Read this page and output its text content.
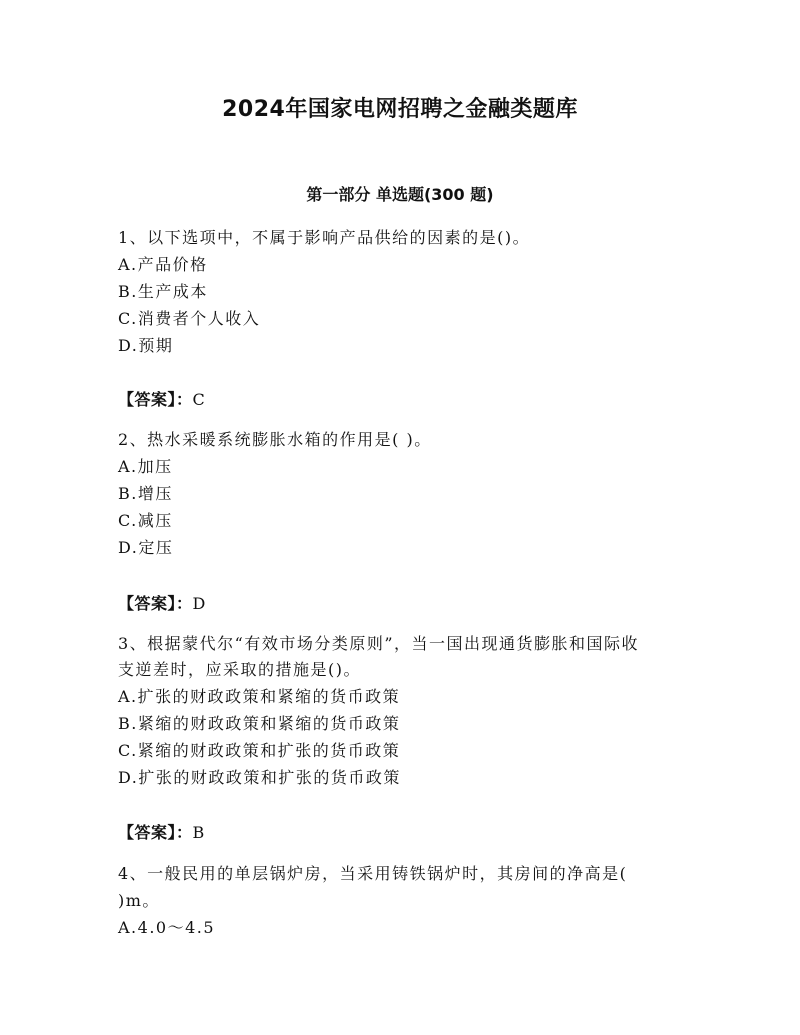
2024年国家电网招聘之金融类题库
第一部分 单选题(300 题)
1、以下选项中，不属于影响产品供给的因素的是()。
A.产品价格
B.生产成本
C.消费者个人收入
D.预期
【答案】：C
2、热水采暖系统膨胀水箱的作用是( )。
A.加压
B.增压
C.减压
D.定压
【答案】：D
3、根据蒙代尔“有效市场分类原则”，当一国出现通货膨胀和国际收
支逆差时，应采取的措施是()。
A.扩张的财政政策和紧缩的货币政策
B.紧缩的财政政策和紧缩的货币政策
C.紧缩的财政政策和扩张的货币政策
D.扩张的财政政策和扩张的货币政策
【答案】：B
4、一般民用的单层锅炉房，当采用铸铁锅炉时，其房间的净高是(
)m。
A.4.0～4.5
